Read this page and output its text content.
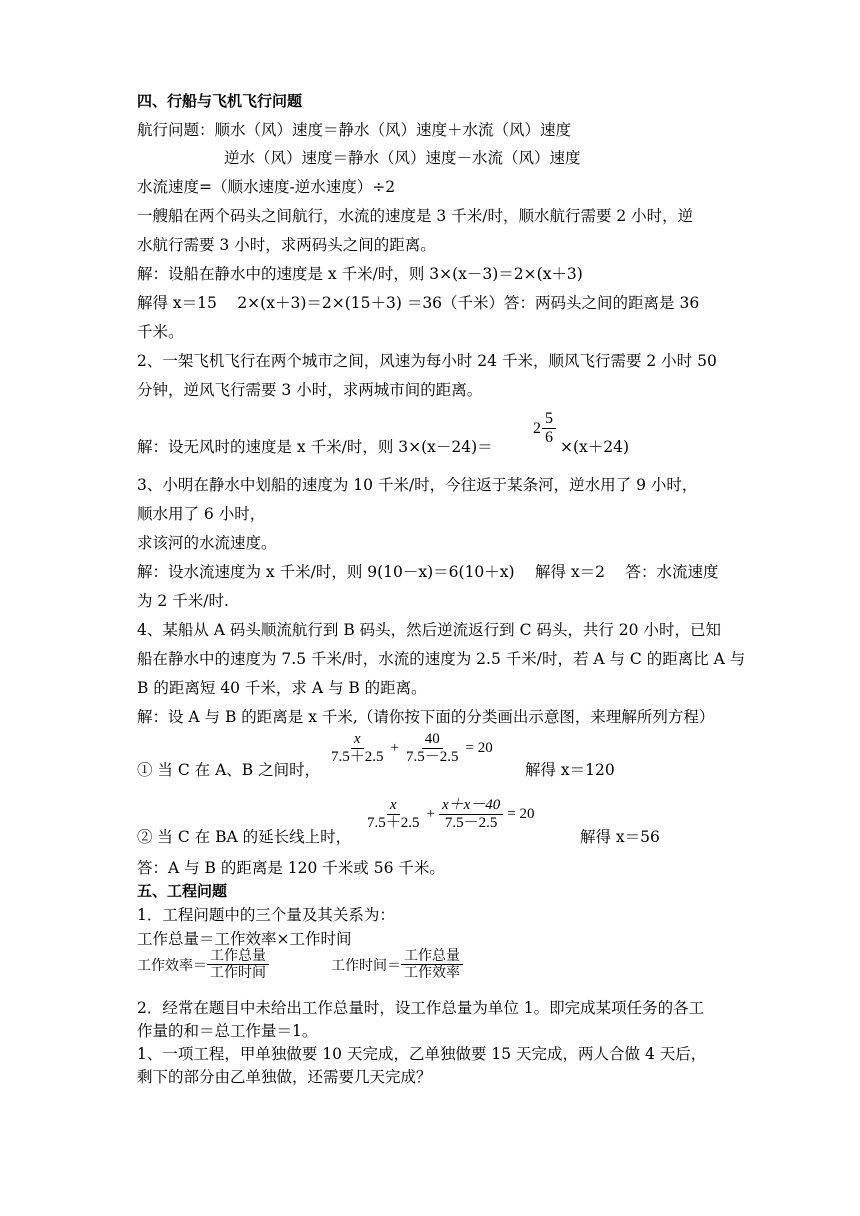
四、行船与飞机飞行问题
航行问题：顺水（风）速度＝静水（风）速度＋水流（风）速度
逆水（风）速度＝静水（风）速度－水流（风）速度
水流速度=（顺水速度-逆水速度）÷2
一艘船在两个码头之间航行，水流的速度是 3 千米/时，顺水航行需要 2 小时，逆
水航行需要 3 小时，求两码头之间的距离。
解：设船在静水中的速度是 x 千米/时，则 3×(x－3)＝2×(x＋3)
解得 x＝15　 2×(x＋3)＝2×(15＋3) ＝36（千米）答：两码头之间的距离是 36
千米。
2、一架飞机飞行在两个城市之间，风速为每小时 24 千米，顺风飞行需要 2 小时 50
分钟，逆风飞行需要 3 小时，求两城市间的距离。
解：设无风时的速度是 x 千米/时，则 3×(x－24)＝
$2 \frac{5}{6} \times(x+24)$
3、小明在静水中划船的速度为 10 千米/时，今往返于某条河，逆水用了 9 小时，
顺水用了 6 小时，
求该河的水流速度。
解：设水流速度为 x 千米/时，则 9(10－x)＝6(10＋x)　 解得 x＝2　 答：水流速度
为 2 千米/时.
4、某船从 A 码头顺流航行到 B 码头，然后逆流返行到 C 码头，共行 20 小时，已知
船在静水中的速度为 7.5 千米/时，水流的速度为 2.5 千米/时，若 A 与 C 的距离比 A 与
B 的距离短 40 千米，求 A 与 B 的距离。
解：设 A 与 B 的距离是 x 千米,（请你按下面的分类画出示意图，来理解所列方程）
① 当 C 在 A、B 之间时，
$\frac{x}{7.5+2.5} + \frac{40}{7.5-2.5} = 20$
解得 x＝120
② 当 C 在 BA 的延长线上时，
$\frac{x}{7.5+2.5} + \frac{x+x-40}{7.5-2.5} = 20$
解得 x＝56
答：A 与 B 的距离是 120 千米或 56 千米。
五、工程问题
1．工程问题中的三个量及其关系为：
工作总量＝工作效率×工作时间
工作效率＝ $\frac{\text{工作总量}}{\text{工作时间}}$	工作时间＝ $\frac{\text{工作总量}}{\text{工作效率}}$
2．经常在题目中未给出工作总量时，设工作总量为单位 1。即完成某项任务的各工
作量的和＝总工作量＝1。
1、一项工程，甲单独做要 10 天完成，乙单独做要 15 天完成，两人合做 4 天后，
剩下的部分由乙单独做，还需要几天完成？
